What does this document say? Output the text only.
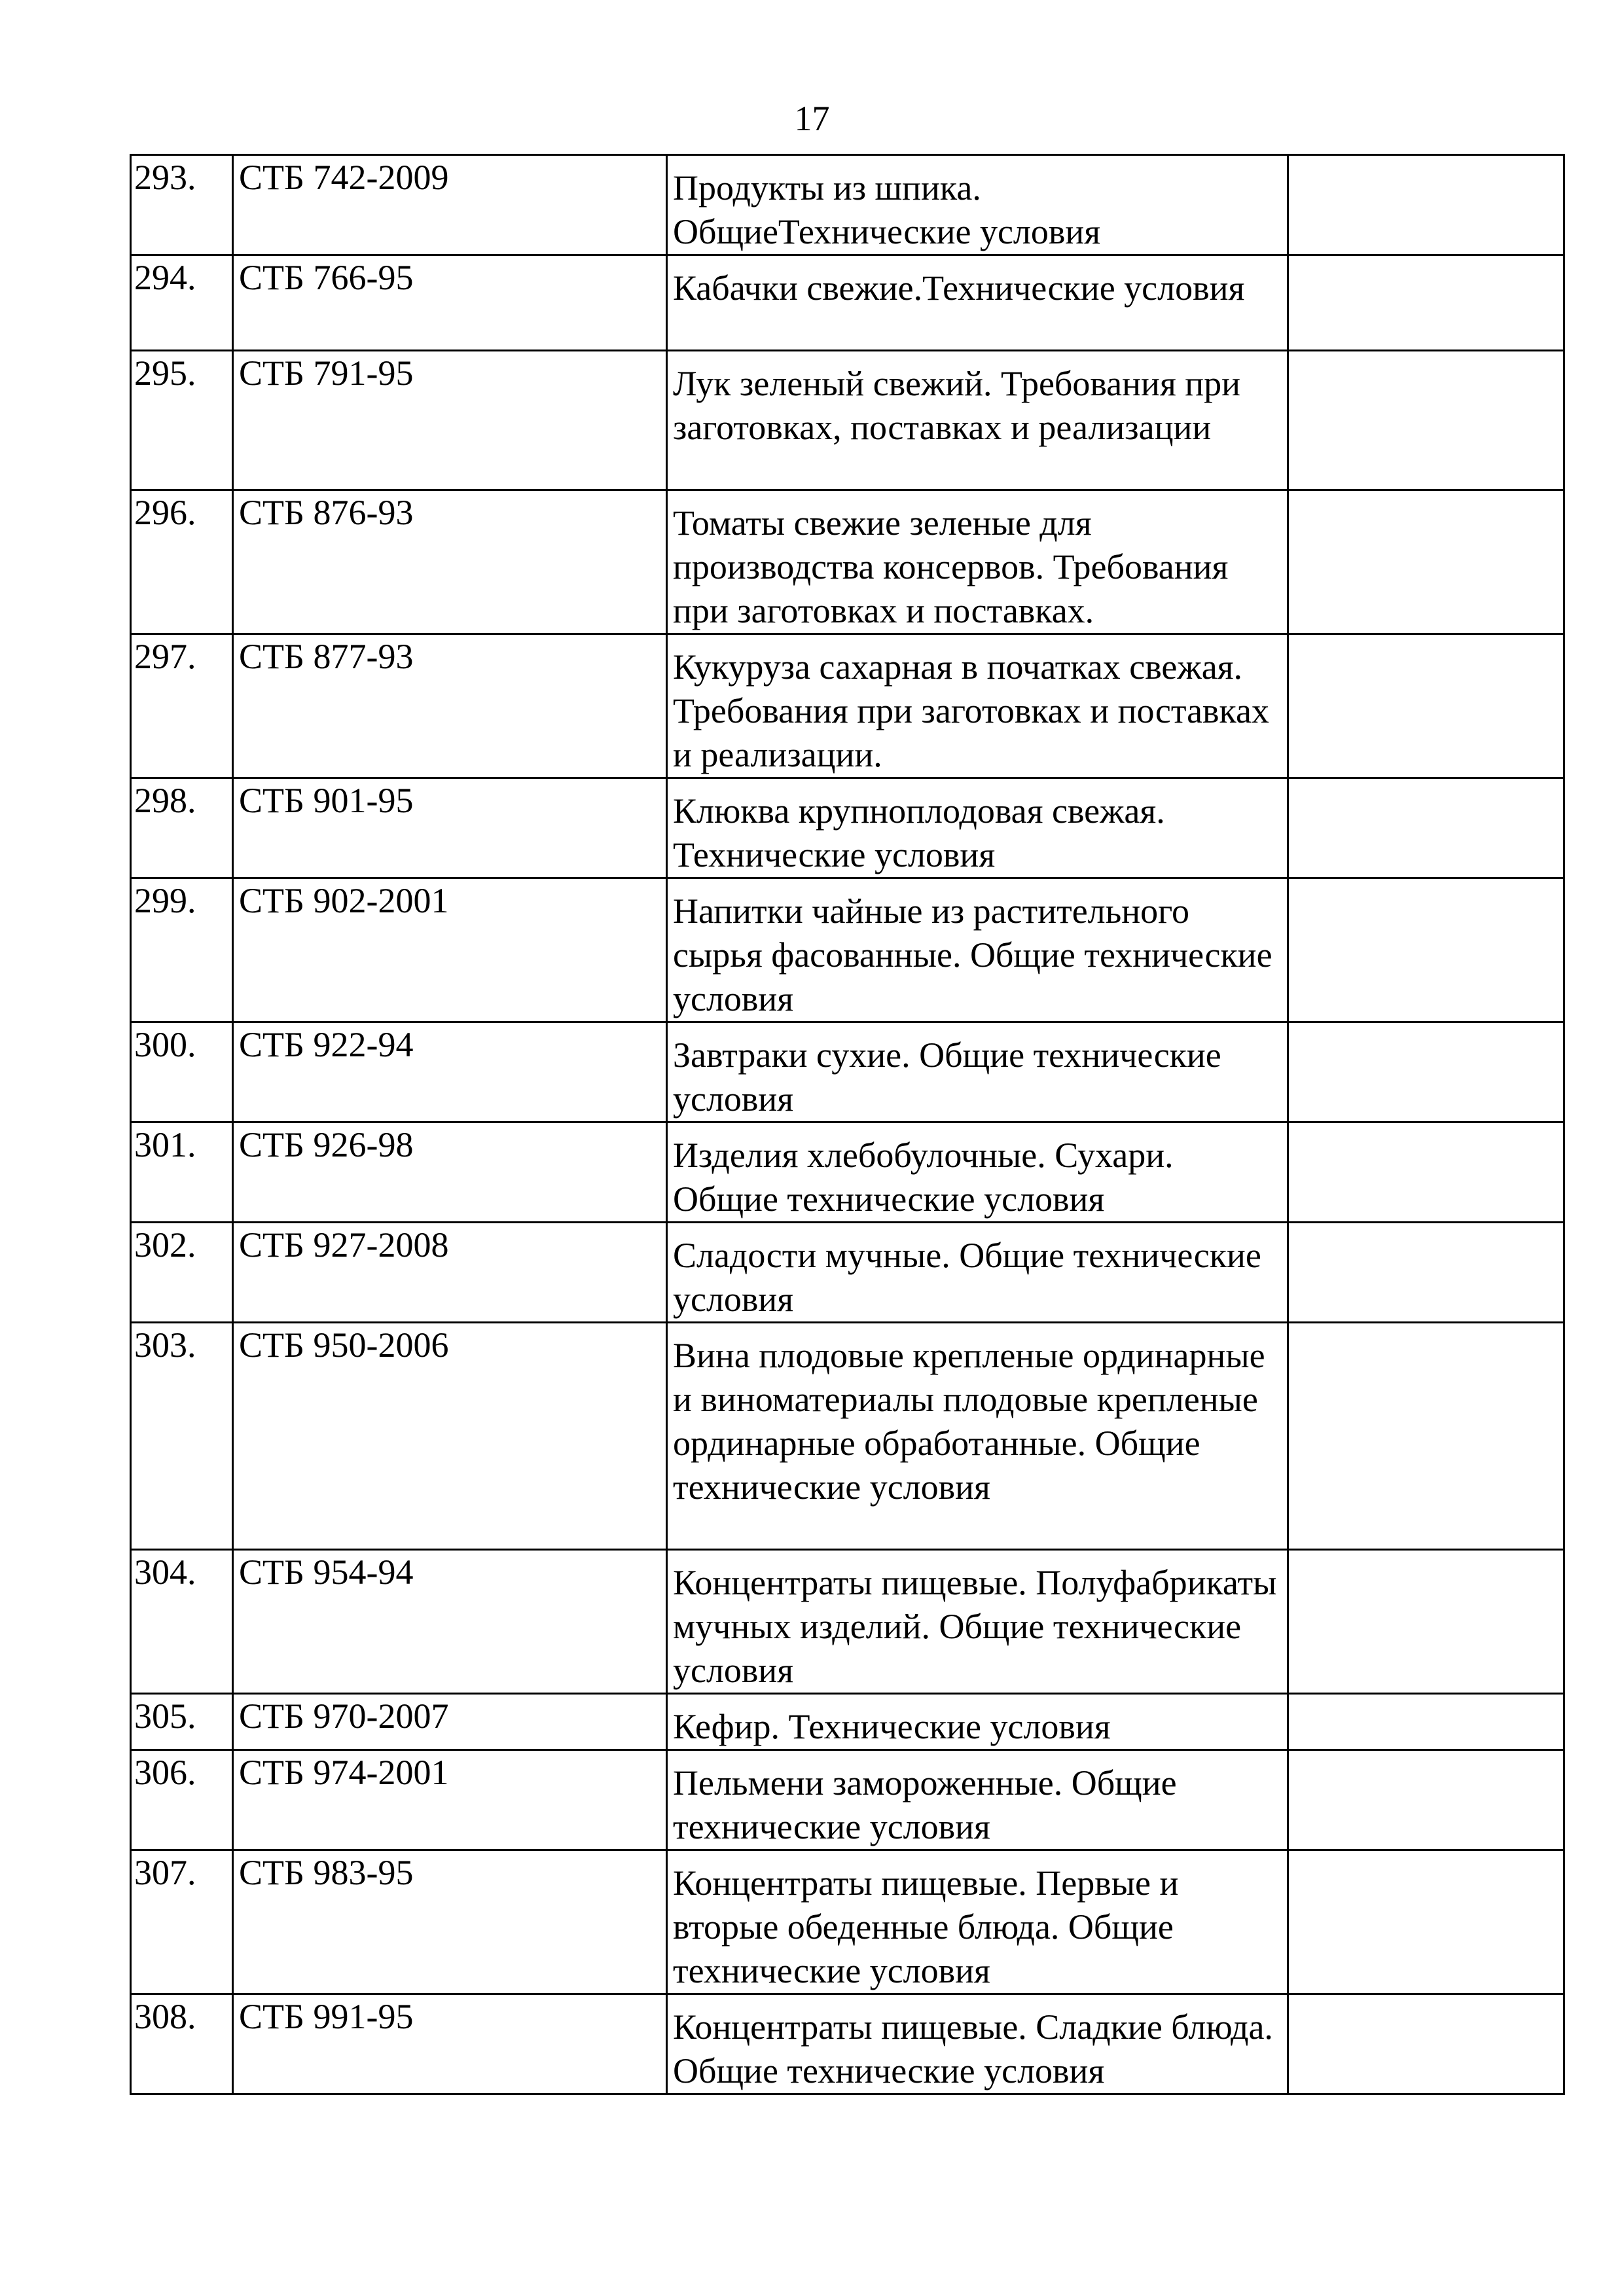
17
293.	СТБ 742-2009	Продукты из шпика. ОбщиеТехнические условия	

294.	СТБ 766-95	Кабачки свежие.Технические условия	

295.	СТБ 791-95	Лук зеленый свежий. Требования при заготовках, поставках и реализации	

296.	СТБ 876-93	Томаты свежие зеленые для производства консервов. Требования при заготовках и поставках.	

297.	СТБ 877-93	Кукуруза сахарная в початках свежая. Требования при заготовках и поставках и реализации.	

298.	СТБ 901-95	Клюква крупноплодовая свежая. Технические условия	

299.	СТБ 902-2001	Напитки чайные из растительного сырья фасованные. Общие технические условия	

300.	СТБ 922-94	Завтраки сухие. Общие технические условия	

301.	СТБ 926-98	Изделия хлебобулочные. Сухари. Общие технические условия	

302.	СТБ 927-2008	Сладости мучные. Общие технические условия	

303.	СТБ 950-2006	Вина плодовые крепленые ординарные и виноматериалы плодовые крепленые ординарные обработанные. Общие технические условия	

304.	СТБ 954-94	Концентраты пищевые. Полуфабрикаты мучных изделий. Общие технические условия	

305.	СТБ 970-2007	Кефир. Технические условия	

306.	СТБ 974-2001	Пельмени замороженные. Общие технические условия	

307.	СТБ 983-95	Концентраты пищевые. Первые и вторые обеденные блюда. Общие технические условия	

308.	СТБ 991-95	Концентраты пищевые. Сладкие блюда. Общие технические условия	
